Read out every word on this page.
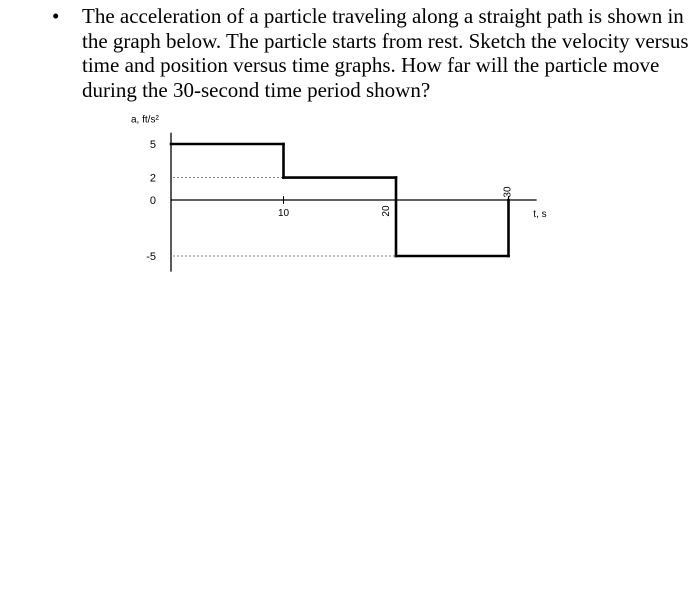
•	The acceleration of a particle traveling along a straight path is shown in the graph below. The particle starts from rest. Sketch the velocity versus time and position versus time graphs. How far will the particle move during the 30-second time period shown?
5
2
0
-5
10	20
30
a, ft/s²
t, s
